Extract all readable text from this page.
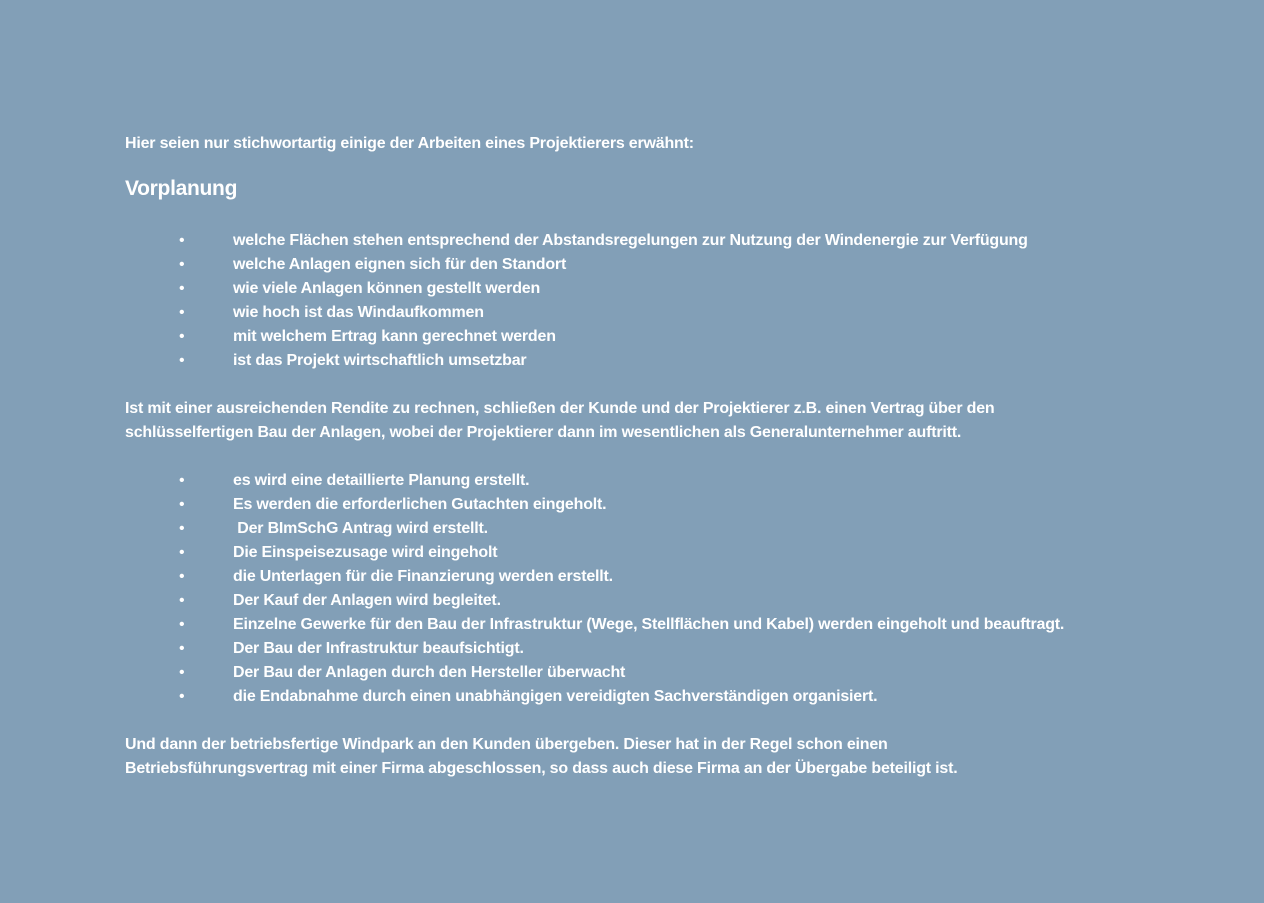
Hier seien nur stichwortartig einige der Arbeiten eines Projektierers erwähnt:

Vorplanung
•	welche Flächen stehen entsprechend der Abstandsregelungen zur Nutzung der Windenergie zur Verfügung
•	welche Anlagen eignen sich für den Standort
•	wie viele Anlagen können gestellt werden
•	wie hoch ist das Windaufkommen
•	mit welchem Ertrag kann gerechnet werden
•	ist das Projekt wirtschaftlich umsetzbar

Ist mit einer ausreichenden Rendite zu rechnen, schließen der Kunde und der Projektierer z.B. einen Vertrag über den
schlüsselfertigen Bau der Anlagen, wobei der Projektierer dann im wesentlichen als Generalunternehmer auftritt.

•	es wird eine detaillierte Planung erstellt.
•	Es werden die erforderlichen Gutachten eingeholt.
•	Der BImSchG Antrag wird erstellt.
•	Die Einspeisezusage wird eingeholt
•	die Unterlagen für die Finanzierung werden erstellt.
•	Der Kauf der Anlagen wird begleitet.
•	Einzelne Gewerke für den Bau der Infrastruktur (Wege, Stellflächen und Kabel) werden eingeholt und beauftragt.
•	Der Bau der Infrastruktur beaufsichtigt.
•	Der Bau der Anlagen durch den Hersteller überwacht
•	die Endabnahme durch einen unabhängigen vereidigten Sachverständigen organisiert.

Und dann der betriebsfertige Windpark an den Kunden übergeben. Dieser hat in der Regel schon einen
Betriebsführungsvertrag mit einer Firma abgeschlossen, so dass auch diese Firma an der Übergabe beteiligt ist.
